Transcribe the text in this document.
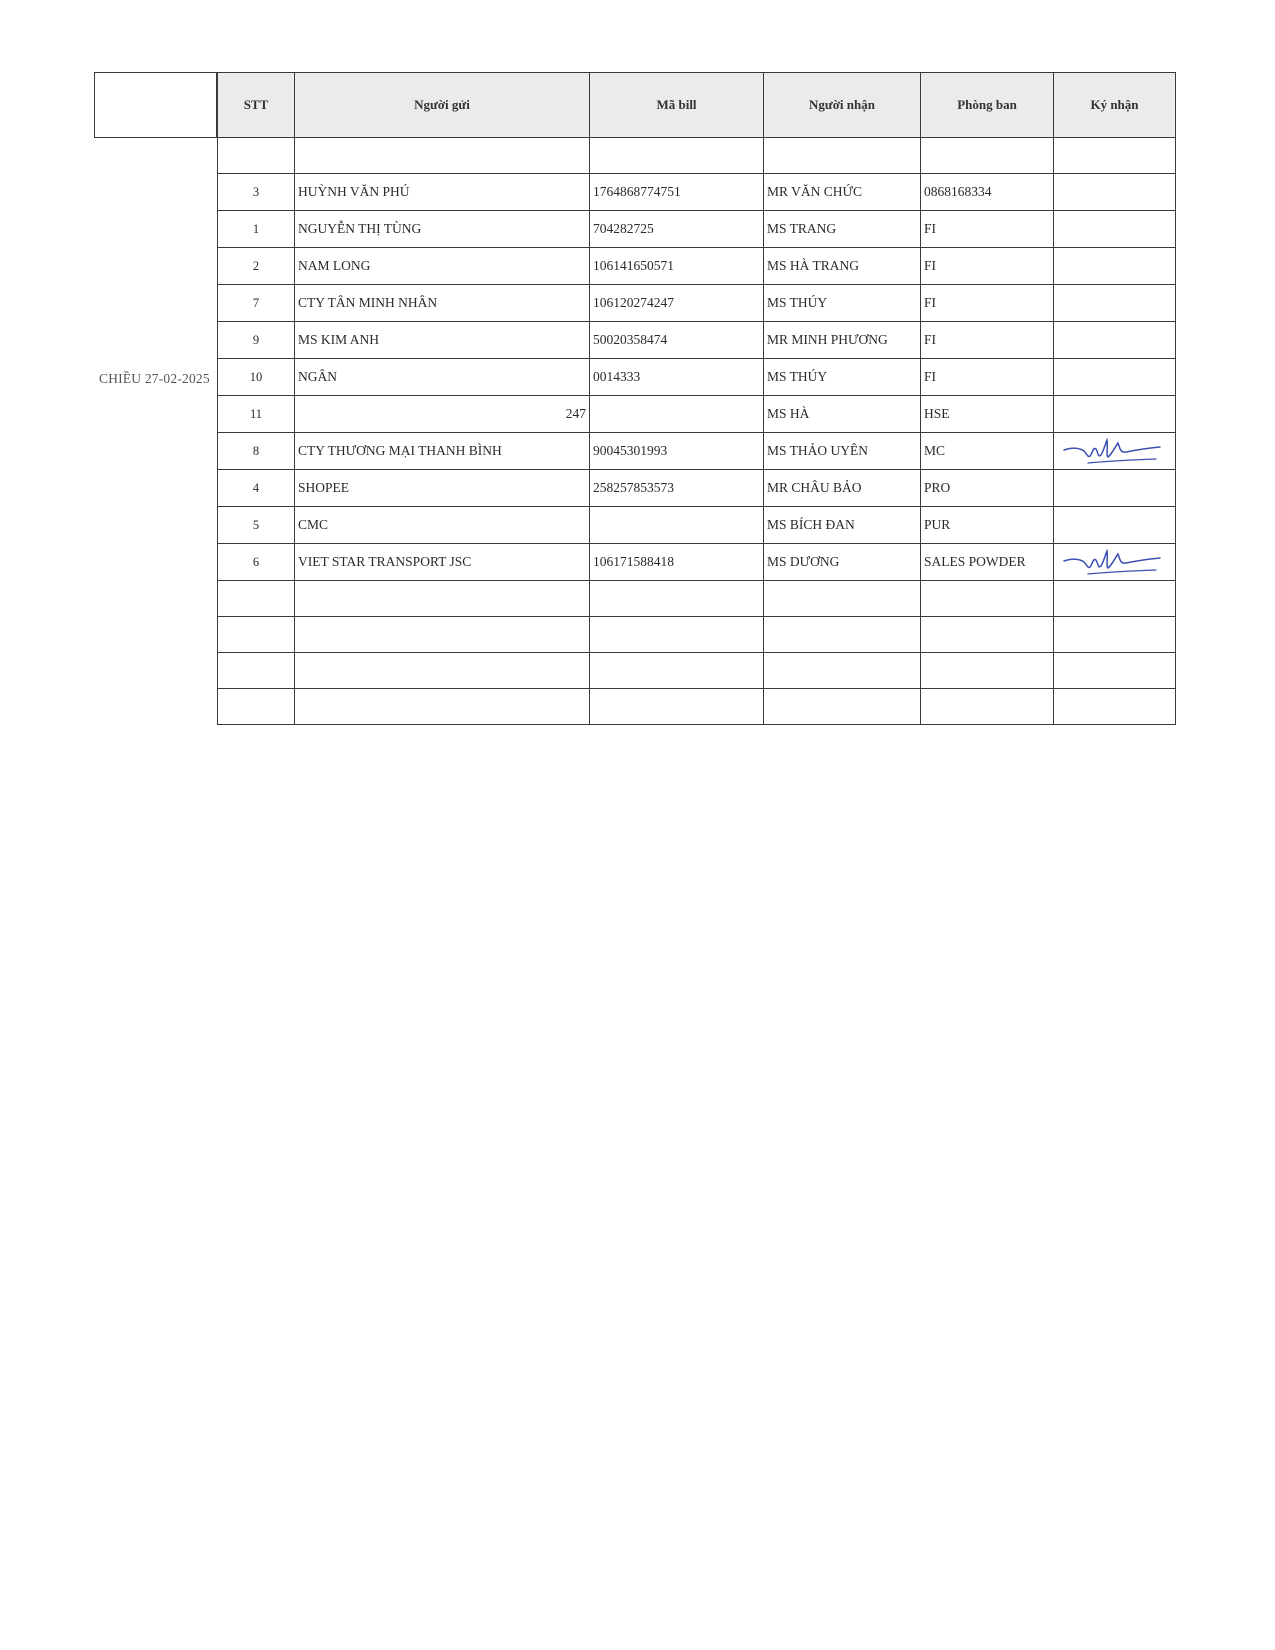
CHIỀU 27-02-2025
STT	Người gửi	Mã bill	Người nhận	Phòng ban	Ký nhận

3	HUỲNH VĂN PHÚ	1764868774751	MR VĂN CHỨC	0868168334	
1	NGUYỄN THỊ TÙNG	704282725	MS TRANG	FI	
2	NAM LONG	106141650571	MS HÀ TRANG	FI	
7	CTY TÂN MINH NHÂN	106120274247	MS THÚY	FI	
9	MS KIM ANH	50020358474	MR MINH PHƯƠNG	FI	
10	NGÂN	0014333	MS THÚY	FI	
11	247		MS HÀ	HSE	
8	CTY THƯƠNG MẠI THANH BÌNH	90045301993	MS THẢO UYÊN	MC	

4	SHOPEE	258257853573	MR CHÂU BẢO	PRO	
5	CMC		MS BÍCH ĐAN	PUR	
6	VIET STAR TRANSPORT JSC	106171588418	MS DƯƠNG	SALES POWDER	
